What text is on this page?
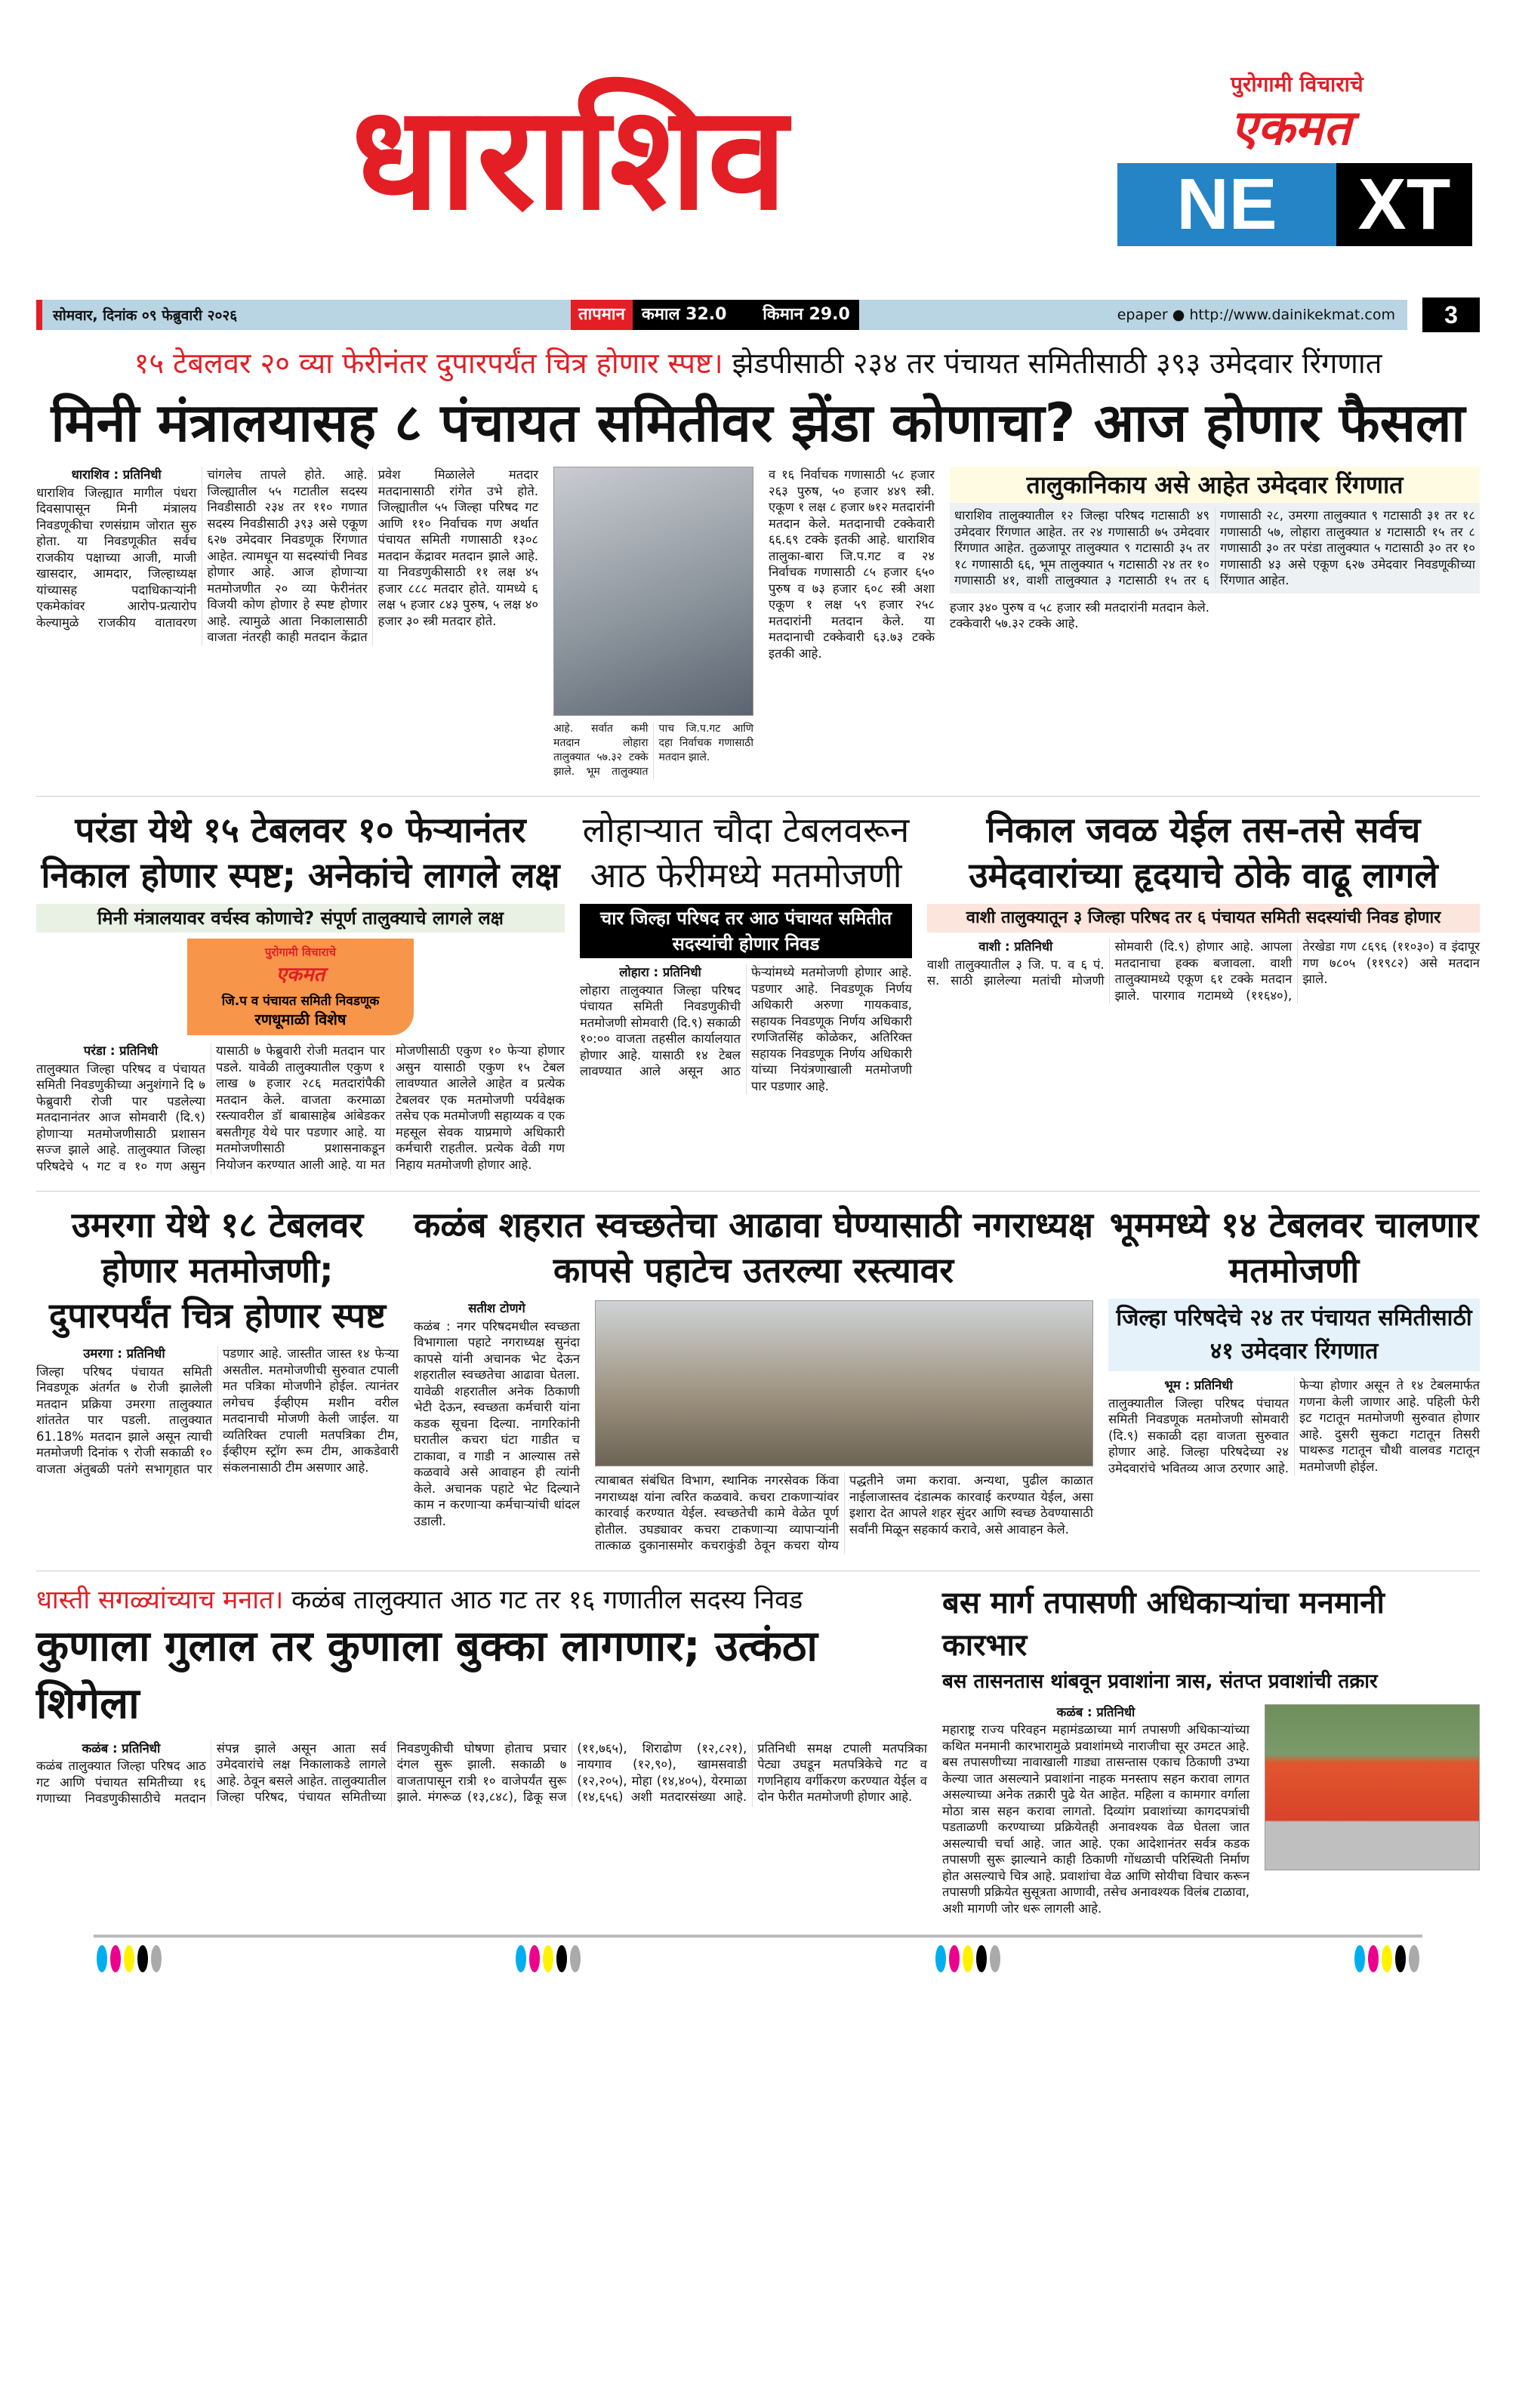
धाराशिव	पुरोगामी विचाराचे
एकमत
NE	XT
सोमवार, दिनांक ०९ फेब्रुवारी २०२६	तापमान	कमाल 32.0 किमान 29.0	epaper ● http://www.dainikekmat.com	3
१५ टेबलवर २० व्या फेरीनंतर दुपारपर्यंत चित्र होणार स्पष्ट। झेडपीसाठी २३४ तर पंचायत समितीसाठी ३९३ उमेदवार रिंगणात
मिनी मंत्रालयासह ८ पंचायत समितीवर झेंडा कोणाचा? आज होणार फैसला
धाराशिव : प्रतिनिधी
धाराशिव जिल्ह्यात मागील पंधरा दिवसापासून मिनी मंत्रालय निवडणूकीचा रणसंग्राम जोरात सुरु होता. या निवडणूकीत सर्वच राजकीय पक्षाच्या आजी, माजी खासदार, आमदार, जिल्हाध्यक्ष यांच्यासह पदाधिकाऱ्यांनी एकमेकांवर आरोप-प्रत्यारोप केल्यामुळे राजकीय वातावरण चांगलेच तापले होते. आहे. जिल्ह्यातील ५५ गटातील सदस्य निवडीसाठी २३४ तर ११० गणात सदस्य निवडीसाठी ३९३ असे एकूण ६२७ उमेदवार निवडणूक रिंगणात आहेत. त्यामधून या सदस्यांची निवड होणार आहे. आज होणाऱ्या मतमोजणीत २० व्या फेरीनंतर विजयी कोण होणार हे स्पष्ट होणार आहे. त्यामुळे आता निकालासाठी वाजता नंतरही काही मतदान केंद्रात प्रवेश मिळालेले मतदार मतदानासाठी रांगेत उभे होते. जिल्ह्यातील ५५ जिल्हा परिषद गट आणि ११० निर्वाचक गण अर्थात पंचायत समिती गणासाठी १३०८ मतदान केंद्रावर मतदान झाले आहे. या निवडणुकीसाठी ११ लक्ष ४५ हजार ८८८ मतदार होते. यामध्ये ६ लक्ष ५ हजार ८४३ पुरुष, ५ लक्ष ४० हजार ३० स्त्री मतदार होते.
आहे. सर्वात कमी मतदान लोहारा तालुक्यात ५७.३२ टक्के झाले. भूम तालुक्यात पाच जि.प.गट आणि दहा निर्वाचक गणासाठी मतदान झाले.
व १६ निर्वाचक गणासाठी ५८ हजार २६३ पुरुष, ५० हजार ४४९ स्त्री. एकूण १ लक्ष ८ हजार ७१२ मतदारांनी मतदान केले. मतदानाची टक्केवारी ६६.६९ टक्के इतकी आहे. धाराशिव तालुका-बारा जि.प.गट व २४ निर्वाचक गणासाठी ८५ हजार ६५० पुरुष व ७३ हजार ६०८ स्त्री अशा एकूण १ लक्ष ५९ हजार २५८ मतदारांनी मतदान केले. या मतदानाची टक्केवारी ६३.७३ टक्के इतकी आहे.
तालुकानिकाय असे आहेत उमेदवार रिंगणात
धाराशिव तालुक्यातील १२ जिल्हा परिषद गटासाठी ४९ उमेदवार रिंगणात आहेत. तर २४ गणासाठी ७५ उमेदवार रिंगणात आहेत. तुळजापूर तालुक्यात ९ गटासाठी ३५ तर १८ गणासाठी ६६, भूम तालुक्यात ५ गटासाठी २४ तर १० गणासाठी ४१, वाशी तालुक्यात ३ गटासाठी १५ तर ६ गणासाठी २८, उमरगा तालुक्यात ९ गटासाठी ३१ तर १८ गणासाठी ५७, लोहारा तालुक्यात ४ गटासाठी १५ तर ८ गणासाठी ३० तर परंडा तालुक्यात ५ गटासाठी ३० तर १० गणासाठी ४३ असे एकूण ६२७ उमेदवार निवडणूकीच्या रिंगणात आहेत.
हजार ३४० पुरुष व ५८ हजार स्त्री मतदारांनी मतदान केले. टक्केवारी ५७.३२ टक्के आहे.
परंडा येथे १५ टेबलवर १० फेऱ्यानंतर निकाल होणार स्पष्ट; अनेकांचे लागले लक्ष
मिनी मंत्रालयावर वर्चस्व कोणाचे? संपूर्ण तालुक्याचे लागले लक्ष
पुरोगामी विचाराचे
एकमत
जि.प व पंचायत समिती निवडणूक
रणधूमाळी विशेष
परंडा : प्रतिनिधी
तालुक्यात जिल्हा परिषद व पंचायत समिती निवडणुकीच्या अनुशंगाने दि ७ फेब्रुवारी रोजी पार पडलेल्या मतदानानंतर आज सोमवारी (दि.९) होणाऱ्या मतमोजणीसाठी प्रशासन सज्ज झाले आहे. तालुक्यात जिल्हा परिषदेचे ५ गट व १० गण असुन यासाठी ७ फेब्रुवारी रोजी मतदान पार पडले. यावेळी तालुक्यातील एकुण १ लाख ७ हजार २८६ मतदारांपैकी मतदान केले. वाजता करमाळा रस्त्यावरील डॉ बाबासाहेब आंबेडकर बसतीगृह येथे पार पडणार आहे. या मतमोजणीसाठी प्रशासनाकडून नियोजन करण्यात आली आहे. या मत मोजणीसाठी एकुण १० फेऱ्या होणार असुन यासाठी एकुण १५ टेबल लावण्यात आलेले आहेत व प्रत्येक टेबलवर एक मतमोजणी पर्यवेक्षक तसेच एक मतमोजणी सहाय्यक व एक महसूल सेवक याप्रमाणे अधिकारी कर्मचारी राहतील. प्रत्येक वेळी गण निहाय मतमोजणी होणार आहे.
लोहाऱ्यात चौदा टेबलवरून आठ फेरीमध्ये मतमोजणी
चार जिल्हा परिषद तर आठ पंचायत समितीत सदस्यांची होणार निवड
लोहारा : प्रतिनिधी
लोहारा तालुक्यात जिल्हा परिषद पंचायत समिती निवडणुकीची मतमोजणी सोमवारी (दि.९) सकाळी १०:०० वाजता तहसील कार्यालयात होणार आहे. यासाठी १४ टेबल लावण्यात आले असून आठ फेऱ्यांमध्ये मतमोजणी होणार आहे. पडणार आहे. निवडणूक निर्णय अधिकारी अरुणा गायकवाड, सहायक निवडणूक निर्णय अधिकारी रणजितसिंह कोळेकर, अतिरिक्त सहायक निवडणूक निर्णय अधिकारी यांच्या नियंत्रणाखाली मतमोजणी पार पडणार आहे.
निकाल जवळ येईल तस-तसे सर्वच उमेदवारांच्या हृदयाचे ठोके वाढू लागले
वाशी तालुक्यातून ३ जिल्हा परिषद तर ६ पंचायत समिती सदस्यांची निवड होणार
वाशी : प्रतिनिधी
वाशी तालुक्यातील ३ जि. प. व ६ पं. स. साठी झालेल्या मतांची मोजणी सोमवारी (दि.९) होणार आहे. आपला मतदानाचा हक्क बजावला. वाशी तालुक्यामध्ये एकूण ६१ टक्के मतदान झाले. पारगाव गटामध्ये (११६४०), तेरखेडा गण ८६९६ (११०३०) व इंदापूर गण ७८०५ (११९८२) असे मतदान झाले.
उमरगा येथे १८ टेबलवर होणार मतमोजणी; दुपारपर्यंत चित्र होणार स्पष्ट
उमरगा : प्रतिनिधी
जिल्हा परिषद पंचायत समिती निवडणूक अंतर्गत ७ रोजी झालेली मतदान प्रक्रिया उमरगा तालुक्यात शांततेत पार पडली. तालुक्यात 61.18% मतदान झाले असून त्याची मतमोजणी दिनांक ९ रोजी सकाळी १० वाजता अंतुबळी पतंगे सभागृहात पार पडणार आहे. जास्तीत जास्त १४ फेऱ्या असतील. मतमोजणीची सुरुवात टपाली मत पत्रिका मोजणीने होईल. त्यानंतर लगेचच ईव्हीएम मशीन वरील मतदानाची मोजणी केली जाईल. या व्यतिरिक्त टपाली मतपत्रिका टीम, ईव्हीएम स्ट्रॉग रूम टीम, आकडेवारी संकलनासाठी टीम असणार आहे.
कळंब शहरात स्वच्छतेचा आढावा घेण्यासाठी नगराध्यक्ष कापसे पहाटेच उतरल्या रस्त्यावर
सतीश टोणगे
कळंब : नगर परिषदमधील स्वच्छता विभागाला पहाटे नगराध्यक्ष सुनंदा कापसे यांनी अचानक भेट देऊन शहरातील स्वच्छतेचा आढावा घेतला. यावेळी शहरातील अनेक ठिकाणी भेटी देऊन, स्वच्छता कर्मचारी यांना कडक सूचना दिल्या. नागरिकांनी घरातील कचरा घंटा गाडीत च टाकावा, व गाडी न आल्यास तसे कळवावे असे आवाहन ही त्यांनी केले. अचानक पहाटे भेट दिल्याने काम न करणाऱ्या कर्मचाऱ्यांची धांदल उडाली.
त्याबाबत संबंधित विभाग, स्थानिक नगरसेवक किंवा नगराध्यक्ष यांना त्वरित कळवावे. कचरा टाकणाऱ्यांवर कारवाई करण्यात येईल. स्वच्छतेची कामे वेळेत पूर्ण होतील. उघड्यावर कचरा टाकणाऱ्या व्यापाऱ्यांनी तात्काळ दुकानासमोर कचराकुंडी ठेवून कचरा योग्य पद्धतीने जमा करावा. अन्यथा, पुढील काळात नाईलाजास्तव दंडात्मक कारवाई करण्यात येईल, असा इशारा देत आपले शहर सुंदर आणि स्वच्छ ठेवण्यासाठी सर्वांनी मिळून सहकार्य करावे, असे आवाहन केले.
भूममध्ये १४ टेबलवर चालणार मतमोजणी
जिल्हा परिषदेचे २४ तर पंचायत समितीसाठी ४१ उमेदवार रिंगणात
भूम : प्रतिनिधी
तालुक्यातील जिल्हा परिषद पंचायत समिती निवडणूक मतमोजणी सोमवारी (दि.९) सकाळी दहा वाजता सुरुवात होणार आहे. जिल्हा परिषदेच्या २४ उमेदवारांचे भवितव्य आज ठरणार आहे. फेऱ्या होणार असून ते १४ टेबलमार्फत गणना केली जाणार आहे. पहिली फेरी इट गटातून मतमोजणी सुरुवात होणार आहे. दुसरी सुकटा गटातून तिसरी पाथरूड गटातून चौथी वालवड गटातून मतमोजणी होईल.
धास्ती सगळ्यांच्याच मनात। कळंब तालुक्यात आठ गट तर १६ गणातील सदस्य निवड
कुणाला गुलाल तर कुणाला बुक्का लागणार; उत्कंठा शिगेला
कळंब : प्रतिनिधी
कळंब तालुक्यात जिल्हा परिषद आठ गट आणि पंचायत समितीच्या १६ गणाच्या निवडणुकीसाठीचे मतदान संपन्न झाले असून आता सर्व उमेदवारांचे लक्ष निकालाकडे लागले आहे. ठेवून बसले आहेत. तालुक्यातील जिल्हा परिषद, पंचायत समितीच्या निवडणुकीची घोषणा होताच प्रचार दंगल सुरू झाली. सकाळी ७ वाजतापासून रात्री १० वाजेपर्यंत सुरू झाले. मंगरूळ (१३,८४८), ढिकू सज (११,७६५), शिराढोण (१२,८२१), नायगाव (१२,९०), खामसवाडी (१२,२०५), मोहा (१४,४०५), येरमाळा (१४,६५६) अशी मतदारसंख्या आहे. प्रतिनिधी समक्ष टपाली मतपत्रिका पेट्या उघडून मतपत्रिकेचे गट व गणनिहाय वर्गीकरण करण्यात येईल व दोन फेरीत मतमोजणी होणार आहे.
बस मार्ग तपासणी अधिकाऱ्यांचा मनमानी कारभार
बस तासनतास थांबवून प्रवाशांना त्रास, संतप्त प्रवाशांची तक्रार
कळंब : प्रतिनिधी
महाराष्ट्र राज्य परिवहन महामंडळाच्या मार्ग तपासणी अधिकाऱ्यांच्या कथित मनमानी कारभारामुळे प्रवाशांमध्ये नाराजीचा सूर उमटत आहे. बस तपासणीच्या नावाखाली गाड्या तासन्तास एकाच ठिकाणी उभ्या केल्या जात असल्याने प्रवाशांना नाहक मनस्ताप सहन करावा लागत असल्याच्या अनेक तक्रारी पुढे येत आहेत. महिला व कामगार वर्गाला मोठा त्रास सहन करावा लागतो. दिव्यांग प्रवाशांच्या कागदपत्रांची पडताळणी करण्याच्या प्रक्रियेतही अनावश्यक वेळ घेतला जात असल्याची चर्चा आहे. जात आहे. एका आदेशानंतर सर्वत्र कडक तपासणी सुरू झाल्याने काही ठिकाणी गोंधळाची परिस्थिती निर्माण होत असल्याचे चित्र आहे. प्रवाशांचा वेळ आणि सोयीचा विचार करून तपासणी प्रक्रियेत सुसूत्रता आणावी, तसेच अनावश्यक विलंब टाळावा, अशी मागणी जोर धरू लागली आहे.
